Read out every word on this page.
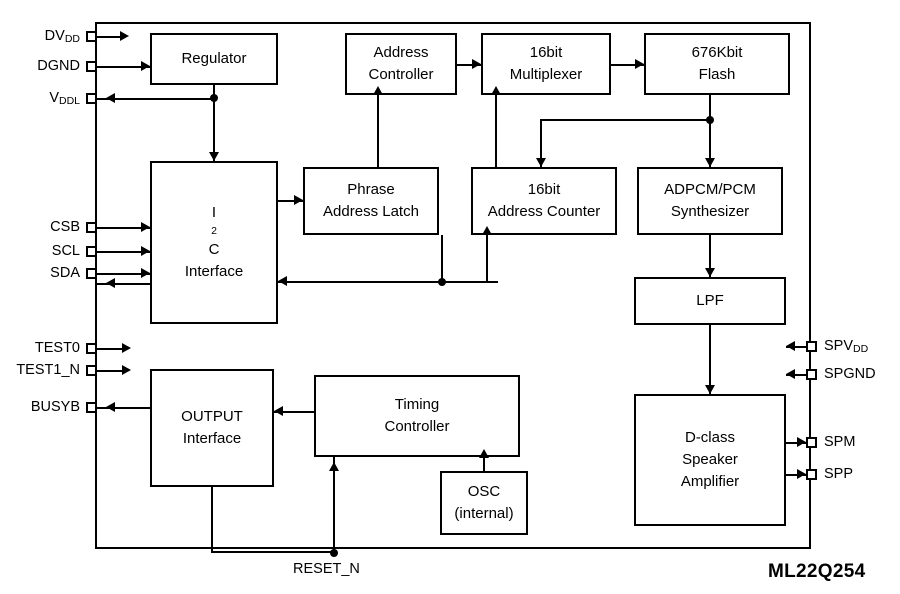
Regulator	Address
Controller
16bit
Multiplexer
676Kbit
Flash
I
2
C
Interface
Phrase
Address Latch
16bit
Address Counter
ADPCM/PCM
Synthesizer
LPF
OUTPUT
Interface
Timing
Controller
OSC
(internal)
D-class
Speaker
Amplifier
DVDD
DGND
VDDL
CSB
SCL
SDA
TEST0
TEST1_N
BUSYB
SPVDD
SPGND
SPM
SPP
RESET_N	ML22Q254
